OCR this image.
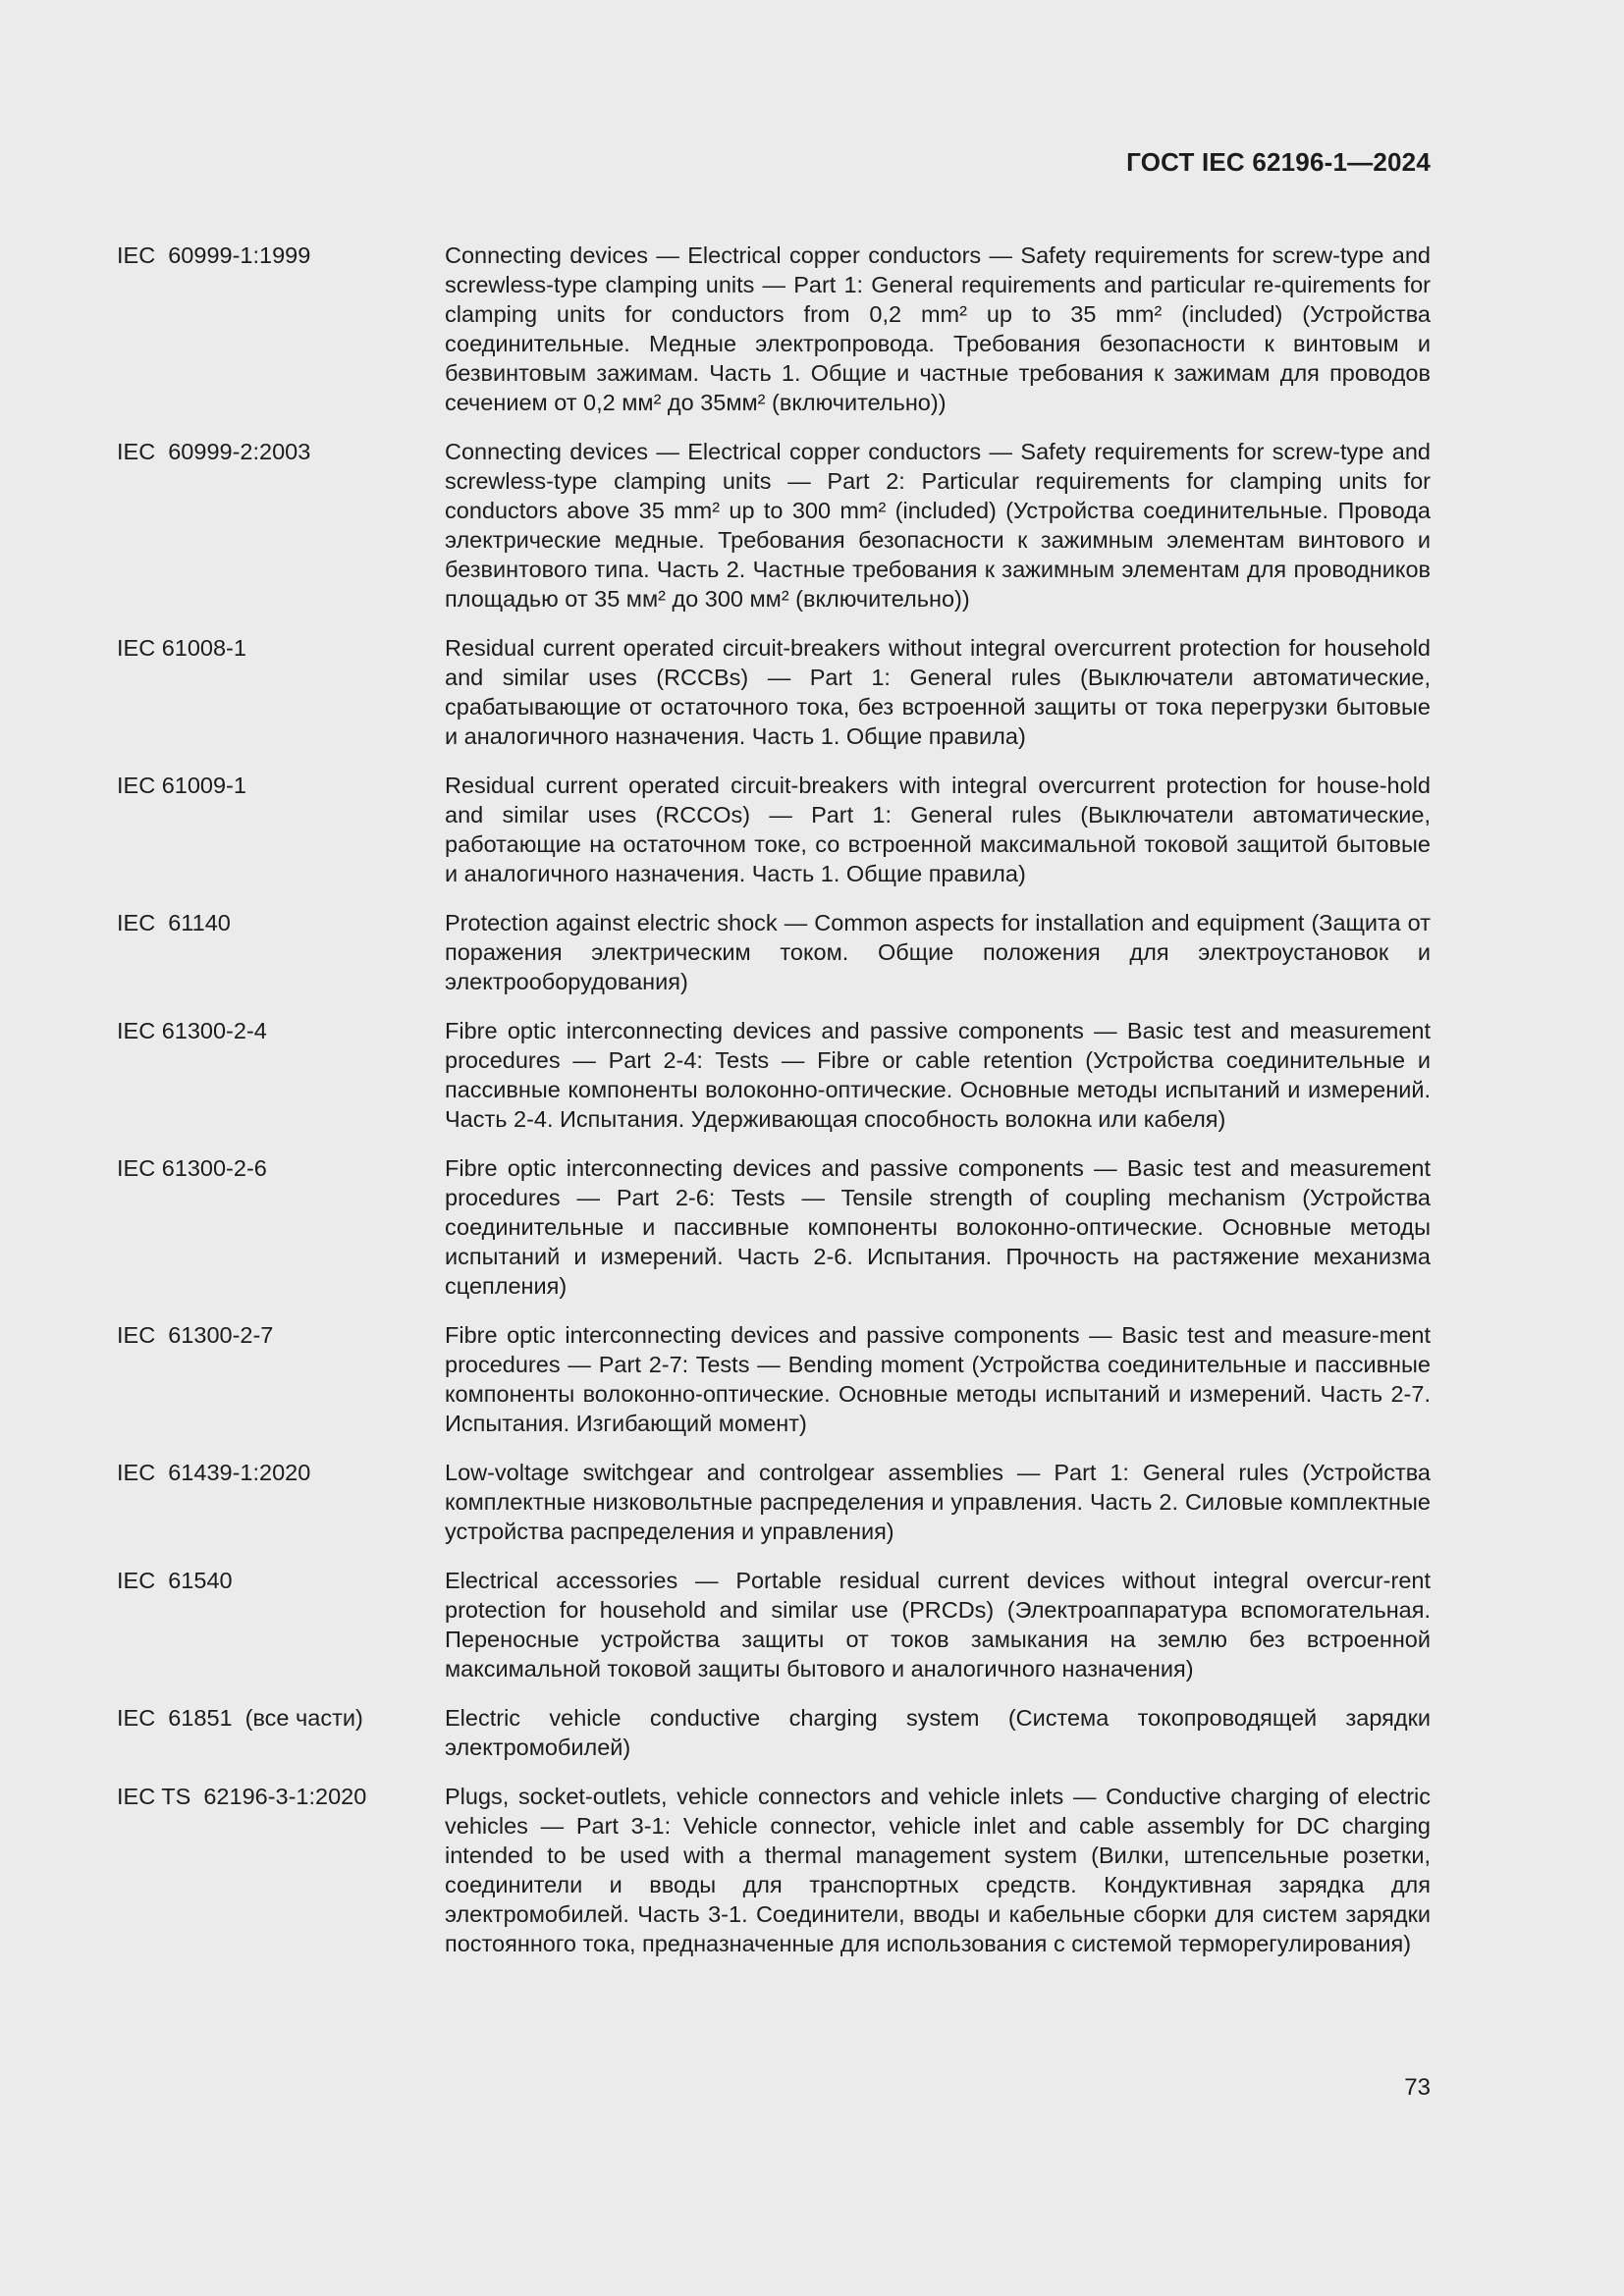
ГОСТ IEC 62196-1—2024
IEC  60999-1:1999	Connecting devices — Electrical copper conductors — Safety requirements for screw-type and screwless-type clamping units — Part 1: General requirements and particular re-quirements for clamping units for conductors from 0,2 mm² up to 35 mm² (included) (Устройства соединительные. Медные электропровода. Требования безопасности к винтовым и безвинтовым зажимам. Часть 1. Общие и частные требования к зажимам для проводов сечением от 0,2 мм² до 35мм² (включительно))
IEC  60999-2:2003	Connecting devices — Electrical copper conductors — Safety requirements for screw-type and screwless-type clamping units — Part 2: Particular requirements for clamping units for conductors above 35 mm² up to 300 mm² (included) (Устройства соединительные. Провода электрические медные. Требования безопасности к зажимным элементам винтового и безвинтового типа. Часть 2. Частные требования к зажимным элементам для проводников площадью от 35 мм² до 300 мм² (включительно))
IEC 61008-1	Residual current operated circuit-breakers without integral overcurrent protection for household and similar uses (RCCBs) — Part 1: General rules (Выключатели автоматические, срабатывающие от остаточного тока, без встроенной защиты от тока перегрузки бытовые и аналогичного назначения. Часть 1. Общие правила)
IEC 61009-1	Residual current operated circuit-breakers with integral overcurrent protection for house-hold and similar uses (RCCOs) — Part 1: General rules (Выключатели автоматические, работающие на остаточном токе, со встроенной максимальной токовой защитой бытовые и аналогичного назначения. Часть 1. Общие правила)
IEC  61140	Protection against electric shock — Common aspects for installation and equipment (Защита от поражения электрическим током. Общие положения для электроустановок и электрооборудования)
IEC 61300-2-4	Fibre optic interconnecting devices and passive components — Basic test and measurement procedures — Part 2-4: Tests — Fibre or cable retention (Устройства соединительные и пассивные компоненты волоконно-оптические. Основные методы испытаний и измерений. Часть 2-4. Испытания. Удерживающая способность волокна или кабеля)
IEC 61300-2-6	Fibre optic interconnecting devices and passive components — Basic test and measurement procedures — Part 2-6: Tests — Tensile strength of coupling mechanism (Устройства соединительные и пассивные компоненты волоконно-оптические. Основные методы испытаний и измерений. Часть 2-6. Испытания. Прочность на растяжение механизма сцепления)
IEC  61300-2-7	Fibre optic interconnecting devices and passive components — Basic test and measure-ment procedures — Part 2-7: Tests — Bending moment (Устройства соединительные и пассивные компоненты волоконно-оптические. Основные методы испытаний и измерений. Часть 2-7. Испытания. Изгибающий момент)
IEC  61439-1:2020	Low-voltage switchgear and controlgear assemblies — Part 1: General rules (Устройства комплектные низковольтные распределения и управления. Часть 2. Силовые комплектные устройства распределения и управления)
IEC  61540	Electrical accessories — Portable residual current devices without integral overcur-rent protection for household and similar use (PRCDs) (Электроаппаратура вспомогательная. Переносные устройства защиты от токов замыкания на землю без встроенной максимальной токовой защиты бытового и аналогичного назначения)
IEC  61851  (все части)	Electric vehicle conductive charging system (Система токопроводящей зарядки электромобилей)
IEC TS  62196-3-1:2020	Plugs, socket-outlets, vehicle connectors and vehicle inlets — Conductive charging of electric vehicles — Part 3-1: Vehicle connector, vehicle inlet and cable assembly for DC charging intended to be used with a thermal management system (Вилки, штепсельные розетки, соединители и вводы для транспортных средств. Кондуктивная зарядка для электромобилей. Часть 3-1. Соединители, вводы и кабельные сборки для систем зарядки постоянного тока, предназначенные для использования с системой терморегулирования)
73
